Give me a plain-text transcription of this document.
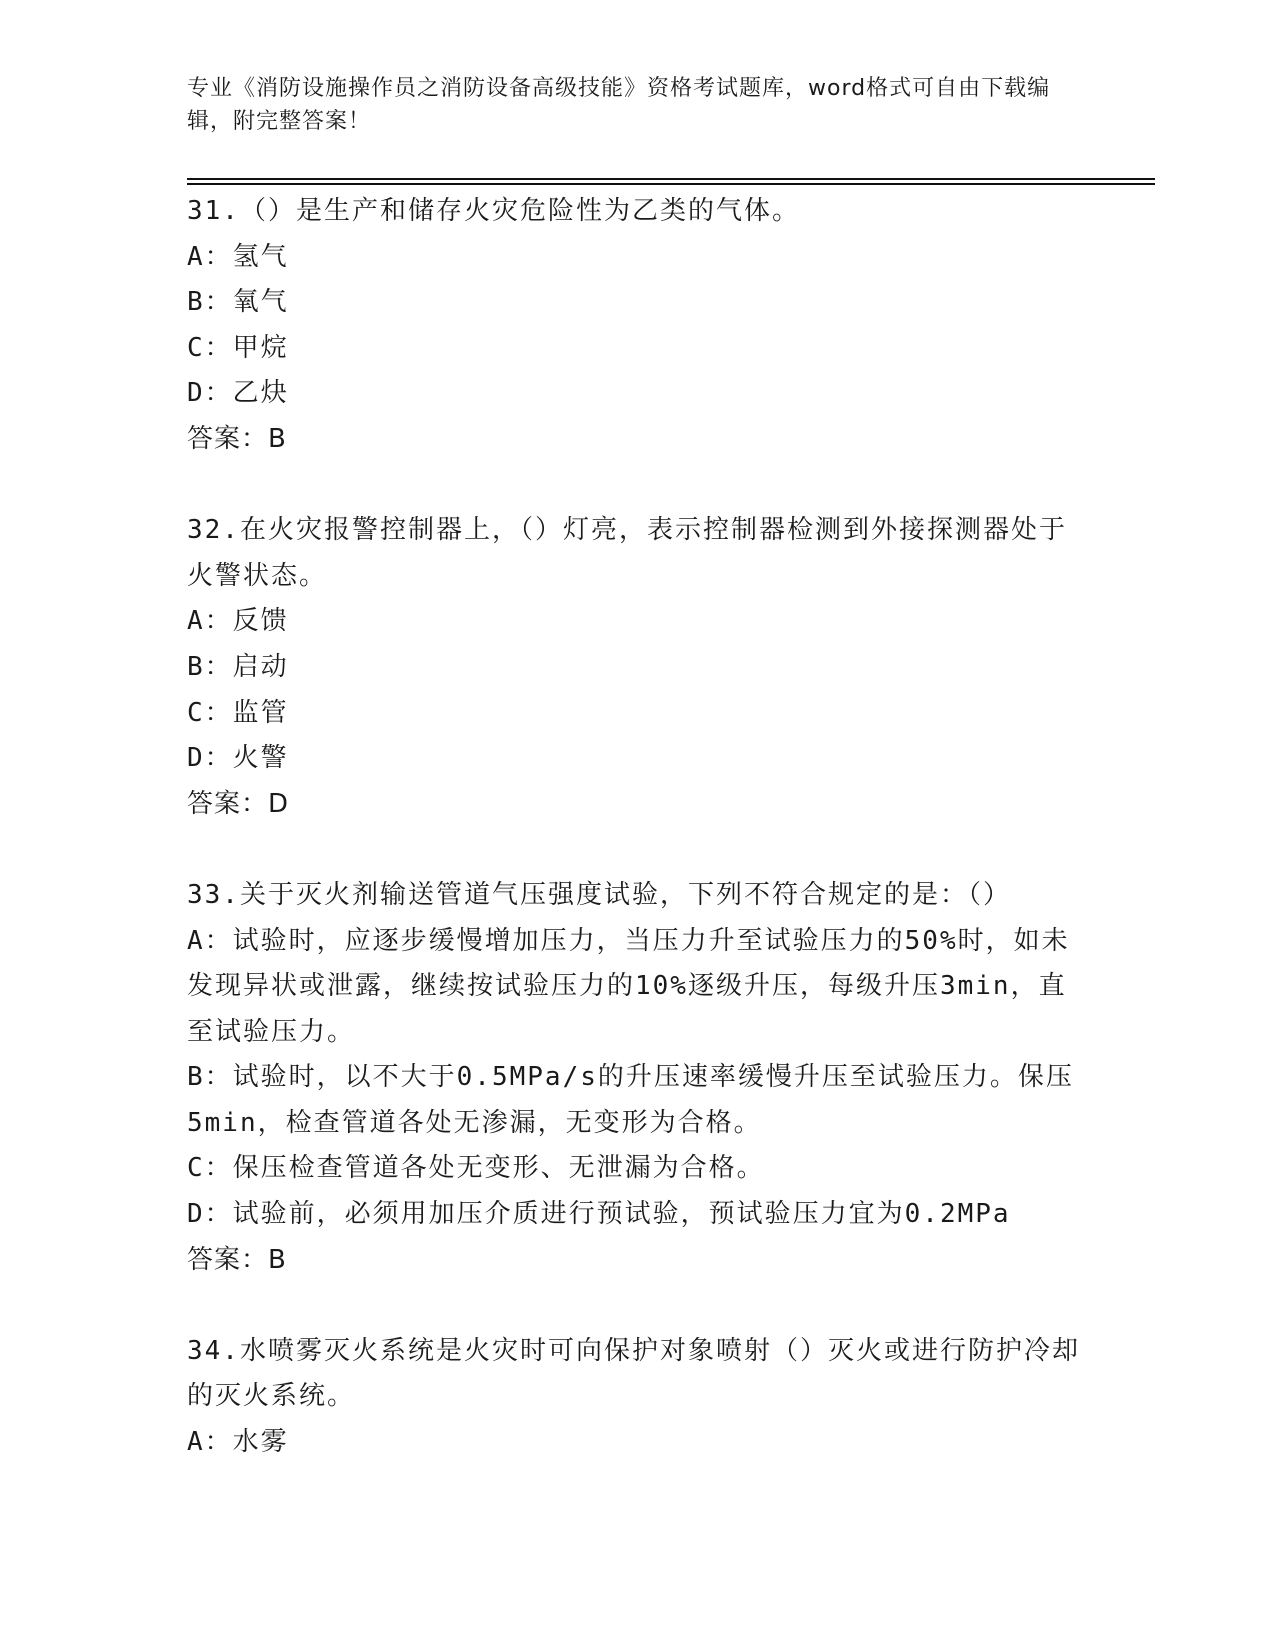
专业《消防设施操作员之消防设备高级技能》资格考试题库，word格式可自由下载编辑，附完整答案！
31.（）是生产和储存火灾危险性为乙类的气体。
A：氢气
B：氧气
C：甲烷
D：乙炔
答案：B
32.在火灾报警控制器上，（）灯亮，表示控制器检测到外接探测器处于火警状态。
A：反馈
B：启动
C：监管
D：火警
答案：D
33.关于灭火剂输送管道气压强度试验，下列不符合规定的是：（）
A：试验时，应逐步缓慢增加压力，当压力升至试验压力的50%时，如未发现异状或泄露，继续按试验压力的10%逐级升压，每级升压3min，直至试验压力。
B：试验时，以不大于0.5MPa/s的升压速率缓慢升压至试验压力。保压5min，检查管道各处无渗漏，无变形为合格。
C：保压检查管道各处无变形、无泄漏为合格。
D：试验前，必须用加压介质进行预试验，预试验压力宜为0.2MPa
答案：B
34.水喷雾灭火系统是火灾时可向保护对象喷射（）灭火或进行防护冷却的灭火系统。
A：水雾
